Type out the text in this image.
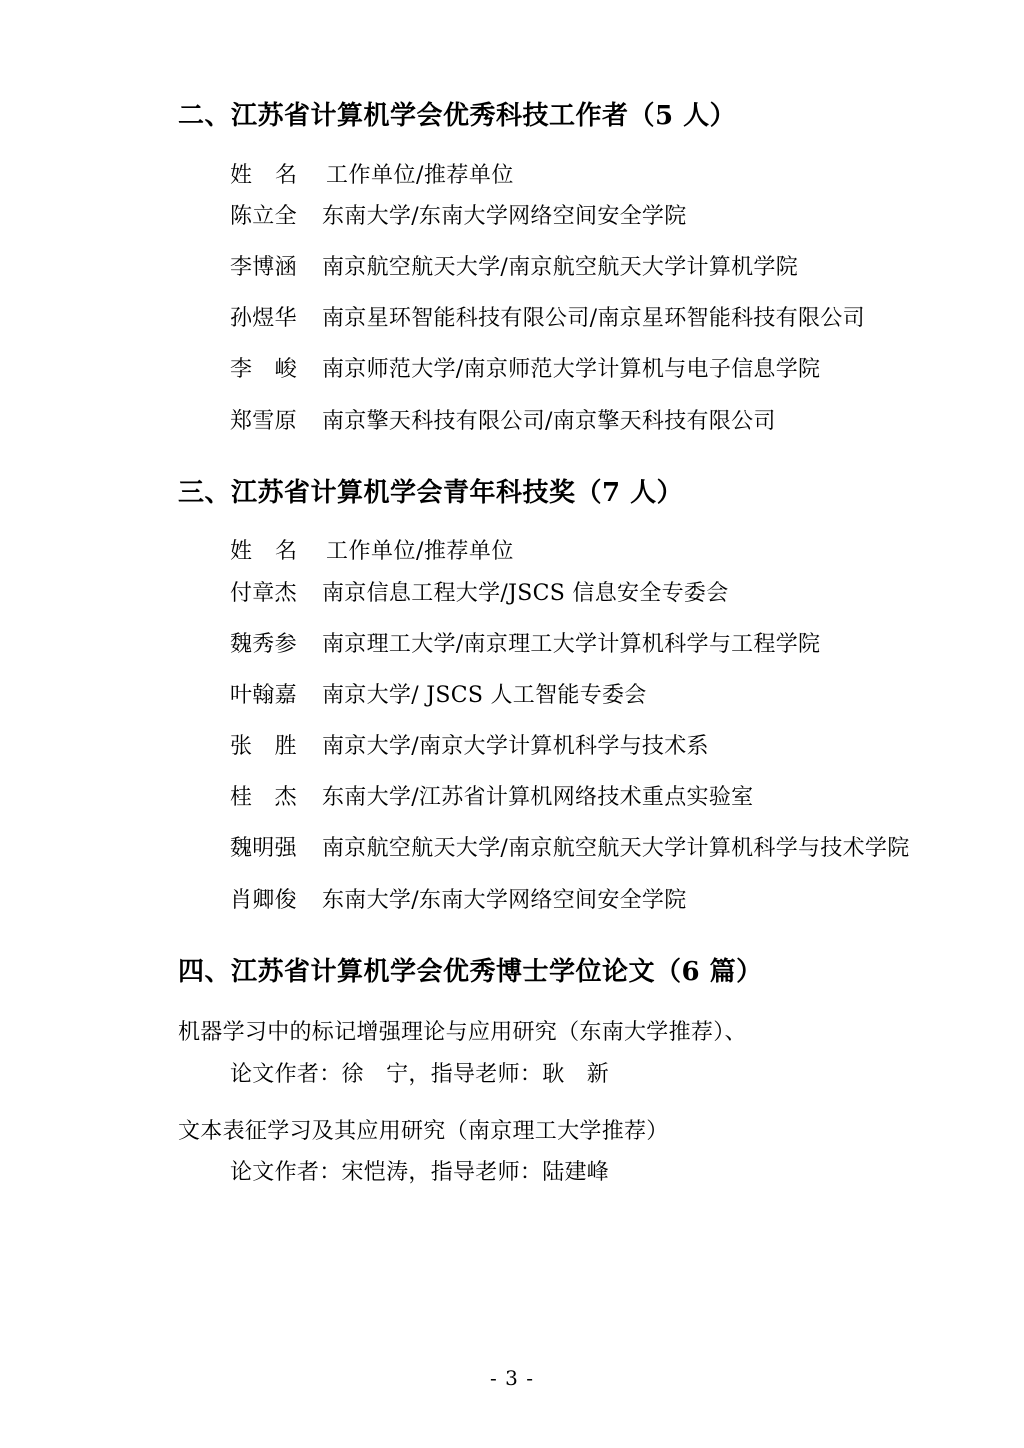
二、江苏省计算机学会优秀科技工作者（5 人）
姓　名 工作单位/推荐单位
陈立全 东南大学/东南大学网络空间安全学院
李博涵 南京航空航天大学/南京航空航天大学计算机学院
孙煜华 南京星环智能科技有限公司/南京星环智能科技有限公司
李　峻 南京师范大学/南京师范大学计算机与电子信息学院
郑雪原 南京擎天科技有限公司/南京擎天科技有限公司
三、江苏省计算机学会青年科技奖（7 人）
姓　名 工作单位/推荐单位
付章杰 南京信息工程大学/JSCS 信息安全专委会
魏秀参 南京理工大学/南京理工大学计算机科学与工程学院
叶翰嘉 南京大学/ JSCS 人工智能专委会
张　胜 南京大学/南京大学计算机科学与技术系
桂　杰 东南大学/江苏省计算机网络技术重点实验室
魏明强 南京航空航天大学/南京航空航天大学计算机科学与技术学院
肖卿俊 东南大学/东南大学网络空间安全学院
四、江苏省计算机学会优秀博士学位论文（6 篇）
机器学习中的标记增强理论与应用研究（东南大学推荐）、
论文作者：徐　宁，指导老师：耿　新
文本表征学习及其应用研究（南京理工大学推荐）
论文作者：宋恺涛，指导老师：陆建峰
- 3 -
